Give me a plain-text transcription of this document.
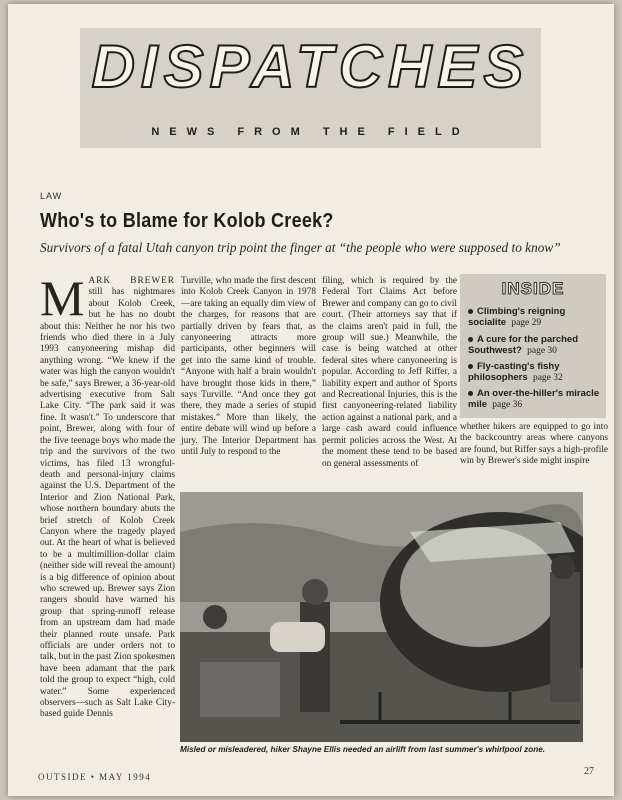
DISPATCHES
NEWS FROM THE FIELD
LAW
Who's to Blame for Kolob Creek?
Survivors of a fatal Utah canyon trip point the finger at “the people who were supposed to know”
M ARK BREWER still has nightmares about Kolob Creek, but he has no doubt about this: Neither he nor his two friends who died there in a July 1993 canyoneering mishap did anything wrong. “We knew if the water was high the canyon wouldn't be safe,” says Brewer, a 36-year-old advertising executive from Salt Lake City. “The park said it was fine. It wasn't.” To underscore that point, Brewer, along with four of the five teenage boys who made the trip and the survivors of the two victims, has filed 13 wrongful-death and personal-injury claims against the U.S. Department of the Interior and Zion National Park, whose northern boundary abuts the brief stretch of Kolob Creek Canyon where the tragedy played out. At the heart of what is believed to be a multimillion-dollar claim (neither side will reveal the amount) is a big difference of opinion about who screwed up. Brewer says Zion rangers should have warned his group that spring-runoff release from an upstream dam had made their planned route unsafe. Park officials are under orders not to talk, but in the past Zion spokesmen have been adamant that the park told the group to expect “high, cold water.” Some experienced observers—such as Salt Lake City-based guide Dennis
Turville, who made the first descent into Kolob Creek Canyon in 1978—are taking an equally dim view of the charges, for reasons that are partially driven by fears that, as canyoneering attracts more participants, other beginners will get into the same kind of trouble. “Anyone with half a brain wouldn't have brought those kids in there,” says Turville. “And once they got there, they made a series of stupid mistakes.” More than likely, the entire debate will wind up before a jury. The Interior Department has until July to respond to the
filing, which is required by the Federal Tort Claims Act before Brewer and company can go to civil court. (Their attorneys say that if the claims aren't paid in full, the group will sue.) Meanwhile, the case is being watched at other federal sites where canyoneering is popular. According to Jeff Riffer, a liability expert and author of Sports and Recreational Injuries, this is the first canyoneering-related liability action against a national park, and a large cash award could influence permit policies across the West. At the moment these tend to be based on general assessments of
whether hikers are equipped to go into the backcountry areas where canyons are found, but Riffer says a high-profile win by Brewer's side might inspire
INSIDE
Climbing's reigning socialite page 29
A cure for the parched Southwest? page 30
Fly-casting's fishy philosophers page 32
An over-the-hiller's miracle mile page 36
Misled or misleadered, hiker Shayne Ellis needed an airlift from last summer's whirlpool zone.
OUTSIDE • MAY 1994	27
